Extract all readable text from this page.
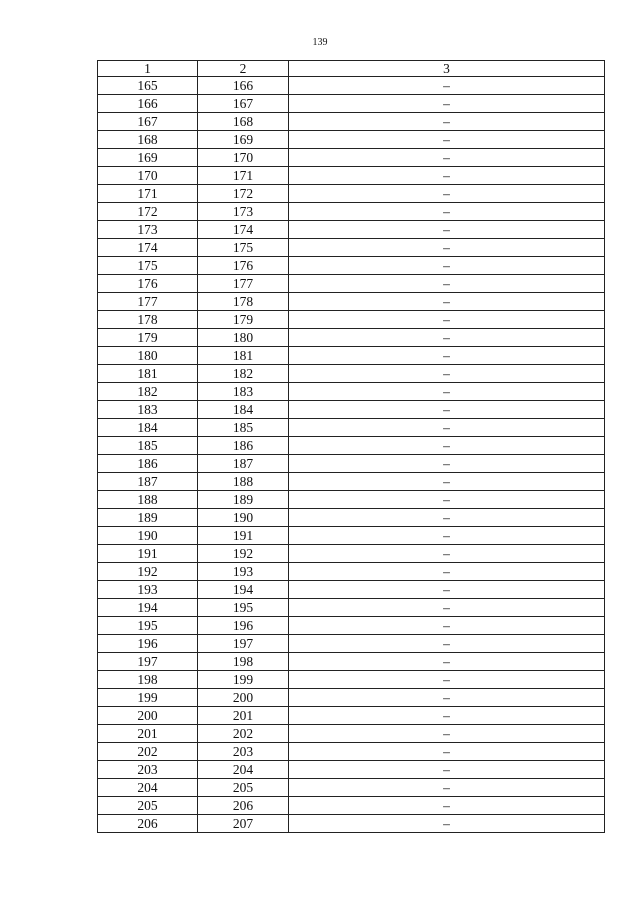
139
1	2	3
165	166	–
166	167	–
167	168	–
168	169	–
169	170	–
170	171	–
171	172	–
172	173	–
173	174	–
174	175	–
175	176	–
176	177	–
177	178	–
178	179	–
179	180	–
180	181	–
181	182	–
182	183	–
183	184	–
184	185	–
185	186	–
186	187	–
187	188	–
188	189	–
189	190	–
190	191	–
191	192	–
192	193	–
193	194	–
194	195	–
195	196	–
196	197	–
197	198	–
198	199	–
199	200	–
200	201	–
201	202	–
202	203	–
203	204	–
204	205	–
205	206	–
206	207	–
